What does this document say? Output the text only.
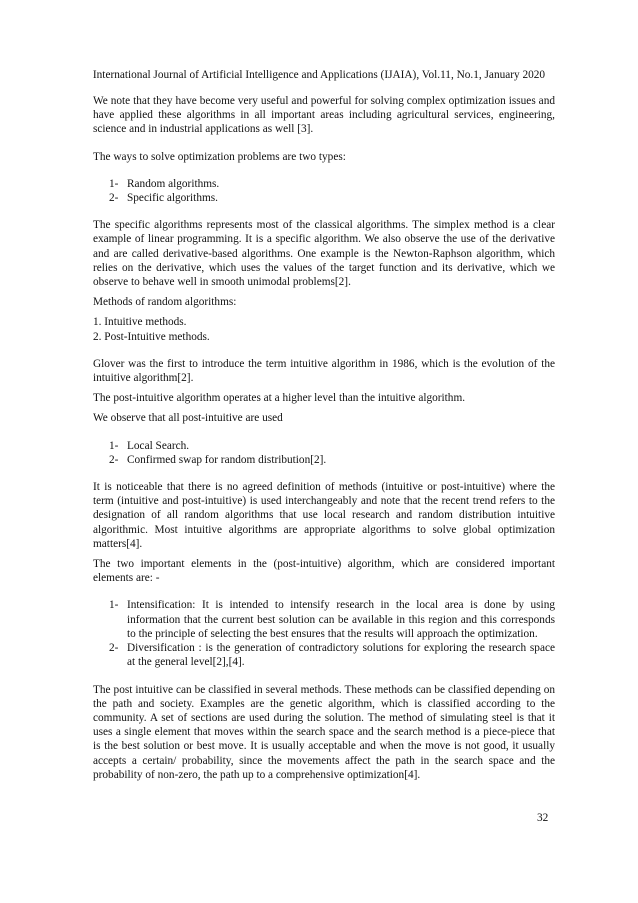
International Journal of Artificial Intelligence and Applications (IJAIA), Vol.11, No.1, January 2020

We note that they have become very useful and powerful for solving complex optimization issues and have applied these algorithms in all important areas including agricultural services, engineering, science and in industrial applications as well [3].

The ways to solve optimization problems are two types:

1- Random algorithms.
2- Specific algorithms.

The specific algorithms represents most of the classical algorithms. The simplex method is a clear example of linear programming. It is a specific algorithm. We also observe the use of the derivative and are called derivative-based algorithms. One example is the Newton-Raphson algorithm, which relies on the derivative, which uses the values of the target function and its derivative, which we observe to behave well in smooth unimodal problems[2].

Methods of random algorithms:

1. Intuitive methods.

2. Post-Intuitive methods.

Glover was the first to introduce the term intuitive algorithm in 1986, which is the evolution of the intuitive algorithm[2].

The post-intuitive algorithm operates at a higher level than the intuitive algorithm.

We observe that all post-intuitive are used

1- Local Search.
2- Confirmed swap for random distribution[2].

It is noticeable that there is no agreed definition of methods (intuitive or post-intuitive) where the term (intuitive and post-intuitive) is used interchangeably and note that the recent trend refers to the designation of all random algorithms that use local research and random distribution intuitive algorithmic. Most intuitive algorithms are appropriate algorithms to solve global optimization matters[4].

The two important elements in the (post-intuitive) algorithm, which are considered important elements are: -

1- Intensification: It is intended to intensify research in the local area is done by using information that the current best solution can be available in this region and this corresponds to the principle of selecting the best ensures that the results will approach the optimization.
2- Diversification : is the generation of contradictory solutions for exploring the research space at the general level[2],[4].

The post intuitive can be classified in several methods. These methods can be classified depending on the path and society. Examples are the genetic algorithm, which is classified according to the community. A set of sections are used during the solution. The method of simulating steel is that it uses a single element that moves within the search space and the search method is a piece-piece that is the best solution or best move. It is usually acceptable and when the move is not good, it usually accepts a certain/ probability, since the movements affect the path in the search space and the probability of non-zero, the path up to a comprehensive optimization[4].

32
